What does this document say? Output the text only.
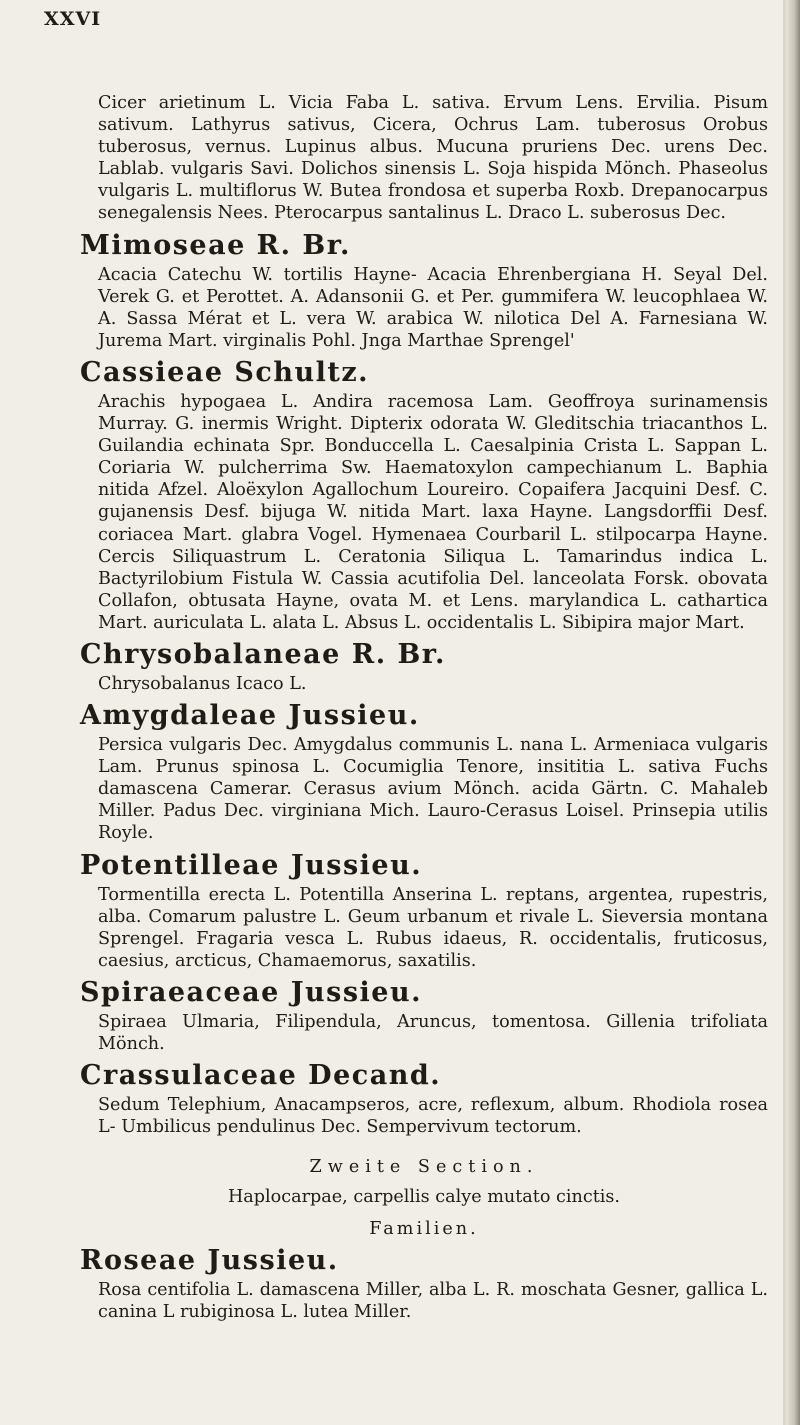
XXVI

Cicer arietinum L. Vicia Faba L. sativa. Ervum Lens. Ervilia. Pisum sativum. Lathyrus sativus, Cicera, Ochrus Lam. tuberosus Orobus tuberosus, vernus. Lupinus albus. Mucuna pruriens Dec. urens Dec. Lablab. vulgaris Savi. Dolichos sinensis L. Soja hispida Mönch. Phaseolus vulgaris L. multiflorus W. Butea frondosa et superba Roxb. Drepanocarpus senegalensis Nees. Pterocarpus santalinus L. Draco L. suberosus Dec.

Mimoseae R. Br.

Acacia Catechu W. tortilis Hayne- Acacia Ehrenbergiana H. Seyal Del. Verek G. et Perottet. A. Adansonii G. et Per. gummifera W. leucophlaea W. A. Sassa Mérat et L. vera W. arabica W. nilotica Del A. Farnesiana W. Jurema Mart. virginalis Pohl. Jnga Marthae Sprengel'

Cassieae Schultz.

Arachis hypogaea L. Andira racemosa Lam. Geoffroya surinamensis Murray. G. inermis Wright. Dipterix odorata W. Gleditschia triacanthos L. Guilandia echinata Spr. Bonduccella L. Caesalpinia Crista L. Sappan L. Coriaria W. pulcherrima Sw. Haematoxylon campechianum L. Baphia nitida Afzel. Aloëxylon Agallochum Loureiro. Copaifera Jacquini Desf. C. gujanensis Desf. bijuga W. nitida Mart. laxa Hayne. Langsdorffii Desf. coriacea Mart. glabra Vogel. Hymenaea Courbaril L. stilpocarpa Hayne. Cercis Siliquastrum L. Ceratonia Siliqua L. Tamarindus indica L. Bactyrilobium Fistula W. Cassia acutifolia Del. lanceolata Forsk. obovata Collafon, obtusata Hayne, ovata M. et Lens. marylandica L. cathartica Mart. auriculata L. alata L. Absus L. occidentalis L. Sibipira major Mart.

Chrysobalaneae R. Br.

Chrysobalanus Icaco L.

Amygdaleae Jussieu.

Persica vulgaris Dec. Amygdalus communis L. nana L. Armeniaca vulgaris Lam. Prunus spinosa L. Cocumiglia Tenore, insititia L. sativa Fuchs damascena Camerar. Cerasus avium Mönch. acida Gärtn. C. Mahaleb Miller. Padus Dec. virginiana Mich. Lauro-Cerasus Loisel. Prinsepia utilis Royle.

Potentilleae Jussieu.

Tormentilla erecta L. Potentilla Anserina L. reptans, argentea, rupestris, alba. Comarum palustre L. Geum urbanum et rivale L. Sieversia montana Sprengel. Fragaria vesca L. Rubus idaeus, R. occidentalis, fruticosus, caesius, arcticus, Chamaemorus, saxatilis.

Spiraeaceae Jussieu.

Spiraea Ulmaria, Filipendula, Aruncus, tomentosa. Gillenia trifoliata Mönch.

Crassulaceae Decand.

Sedum Telephium, Anacampseros, acre, reflexum, album. Rhodiola rosea L- Umbilicus pendulinus Dec. Sempervivum tectorum.

Zweite Section.
Haplocarpae, carpellis calye mutato cinctis.
Familien.
Roseae Jussieu.

Rosa centifolia L. damascena Miller, alba L. R. moschata Gesner, gallica L. canina L rubiginosa L. lutea Miller.
